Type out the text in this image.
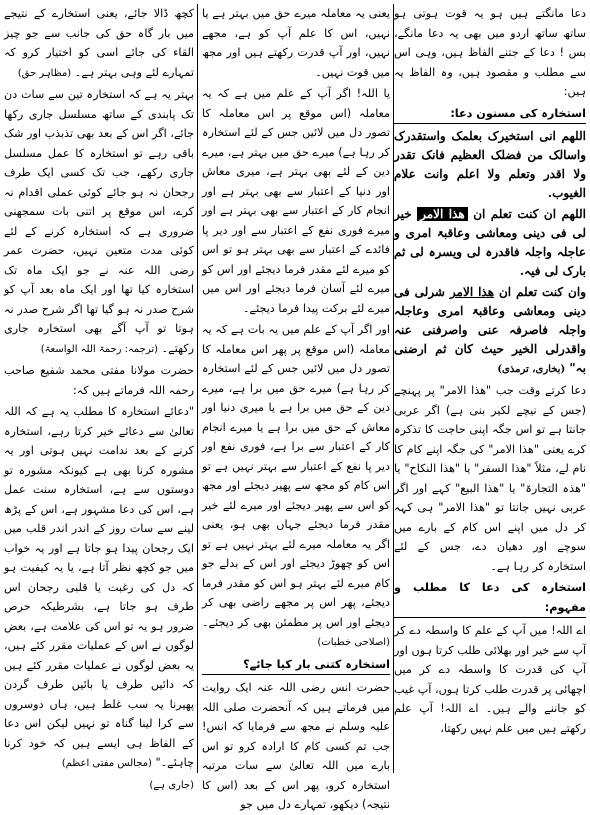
دعا مانگتے ہیں ہو یہ قوت ہوتی ہو ساتھ ساتھ اردو میں بھی یہ دعا مانگے، بس ! دعا کے جتنے الفاظ ہیں، وہی اس سے مطلب و مقصود ہیں، وہ الفاظ یہ ہیں:
استخارہ کی مسنون دعا:
اللھم انی استخیرک بعلمک واستقدرک واسالک من فضلک العظیم فانک تقدر ولا اقدر وتعلم ولا اعلم وانت علام الغیوب.
اللھم ان کنت تعلم ان ھذا الامر خیر لی فی دینی ومعاشی وعاقبۃ امری و عاجلہ واجلہ فاقدرہ لی ویسرہ لی ثم بارک لی فیہ.
وان کنت تعلم ان ھذا الامر شرلی فی دینی ومعاشی وعاقبۃ امری وعاجلہ واجلہ فاصرفہ عنی واصرفنی عنہ واقدرلی الخیر حیث کان ثم ارضنی بہ" (بخاری، ترمذی)
دعا کرتے وقت جب "ھذا الامر" پر پہنچے (جس کے نیچے لکیر بنی ہے) اگر عربی جانتا ہے تو اس جگہ اپنی حاجت کا تذکرہ کرے یعنی "ھذا الامر" کی جگہ اپنے کام کا نام لے، مثلاً "ھذا السفر" یا "ھذا النکاح" یا "ھذہ التجارۃ" یا "ھذا البیع" کہے اور اگر عربی نہیں جانتا تو "ھذا الامر" ہی کہہ کر دل میں اپنے اس کام کے بارے میں سوچے اور دھیان دے، جس کے لئے استخارہ کر رہا ہے۔
استخارہ کی دعا کا مطلب و مفہوم:
اے اللہ! میں آپ کے علم کا واسطہ دے کر آپ سے خیر اور بھلائی طلب کرتا ہوں اور آپ کی قدرت کا واسطہ دے کر میں اچھائی پر قدرت طلب کرتا ہوں، آپ غیب کو جاننے والے ہیں۔ اے اللہ! آپ علم رکھتے ہیں میں علم نہیں رکھتا،
یعنی یہ معاملہ میرے حق میں بہتر ہے یا نہیں، اس کا علم آپ کو ہے، مجھے نہیں، اور آپ قدرت رکھتے ہیں اور مجھ میں قوت نہیں۔
یا اللہ! اگر آپ کے علم میں ہے کہ یہ معاملہ (اس موقع پر اس معاملہ کا تصور دل میں لائیں جس کے لئے استخارہ کر رہا ہے) میرے حق میں بہتر ہے، میرے دین کے لئے بھی بہتر ہے، میری معاش اور دنیا کے اعتبار سے بھی بہتر ہے اور انجام کار کے اعتبار سے بھی بہتر ہے اور میرے فوری نفع کے اعتبار سے اور دیر پا فائدے کے اعتبار سے بھی بہتر ہو تو اس کو میرے لئے مقدر فرما دیجئے اور اس کو میرے لئے آسان فرما دیجئے اور اس میں میرے لئے برکت پیدا فرما دیجئے۔
اور اگر آپ کے علم میں یہ بات ہے کہ یہ معاملہ (اس موقع پر پھر اس معاملہ کا تصور دل میں لائیں جس کے لئے استخارہ کر رہا ہے) میرے حق میں برا ہے، میرے دین کے حق میں برا ہے یا میری دنیا اور معاش کے حق میں برا ہے یا میرے انجام کار کے اعتبار سے برا ہے، فوری نفع اور دیر پا نفع کے اعتبار سے بہتر نہیں ہے تو اس کام کو مجھ سے پھیر دیجئے اور مجھ کو اس سے پھیر دیجئے اور میرے لئے خیر مقدر فرما دیجئے جہاں بھی ہو، یعنی اگر یہ معاملہ میرے لئے بہتر نہیں ہے تو اس کو چھوڑ دیجئے اور اس کے بدلے جو کام میرے لئے بہتر ہو اس کو مقدر فرما دیجئے، پھر اس پر مجھے راضی بھی کر دیجئے اور اس پر مطمئن بھی کر دیجئے۔ (اصلاحی خطبات)
استخارہ کتنی بار کیا جائے؟
حضرت انس رضی اللہ عنہ ایک روایت میں فرماتے ہیں کہ آنحضرت صلی اللہ علیہ وسلم نے مجھ سے فرمایا کہ انس! جب تم کسی کام کا ارادہ کرو تو اس بارے میں اللہ تعالیٰ سے سات مرتبہ استخارہ کرو، پھر اس کے بعد (اس کا نتیجہ) دیکھو، تمہارے دل میں جو
کچھ ڈالا جائے، یعنی استخارے کے نتیجے میں بار گاہ حق کی جانب سے جو چیز القاء کی جائے اسی کو اختیار کرو کہ تمہارے لئے وہی بہتر ہے۔ (مظاہر حق)
بہتر یہ ہے کہ استخارہ تین سے سات دن تک پابندی کے ساتھ مسلسل جاری رکھا جائے، اگر اس کے بعد بھی تذبذب اور شک باقی رہے تو استخارہ کا عمل مسلسل جاری رکھے، جب تک کسی ایک طرف رجحان نہ ہو جائے کوئی عملی اقدام نہ کرے، اس موقع پر اتنی بات سمجھنی ضروری ہے کہ استخارہ کرنے کے لئے کوئی مدت متعین نہیں، حضرت عمر رضی اللہ عنہ نے جو ایک ماہ تک استخارہ کیا تھا اور ایک ماہ بعد آپ کو شرح صدر نہ ہو گیا تھا اگر شرح صدر نہ ہوتا تو آپ آگے بھی استخارہ جاری رکھتے۔ (ترجمہ: رحمۃ اللہ الواسعۃ)
حضرت مولانا مفتی محمد شفیع صاحب رحمہ اللہ فرماتے ہیں کہ:
"دعائے استخارہ کا مطلب یہ ہے کہ اللہ تعالیٰ سے دعائے خیر کرتا رہے، استخارہ کرنے کے بعد ندامت نہیں ہوتی اور یہ مشورہ کرنا بھی ہے کیونکہ مشورہ تو دوستوں سے ہے، استخارہ سنت عمل ہے، اس کی دعا مشہور ہے، اس کے پڑھ لینے سے سات روز کے اندر اندر قلب میں ایک رجحان پیدا ہو جاتا ہے اور یہ خواب میں جو کچھ نظر آتا ہے، یا یہ کیفیت ہو کہ دل کی رغبت یا قلبی رجحان اس طرف ہو جاتا ہے، بشرطیکہ حرص ضرور ہو یہ تو اس کی علامت ہے، بعض لوگوں نے اس کے عملیات مقرر کئے ہیں، یہ بعض لوگوں نے عملیات مقرر کئے ہیں کہ دائیں طرف یا بائیں طرف گردن پھیرنا یہ سب غلط ہیں، ہاں دوسروں سے کرا لینا گناہ تو نہیں لیکن اس دعا کے الفاظ ہی ایسے ہیں کہ خود کرنا چاہئے۔" (مجالس مفتی اعظم)
(جاری ہے)
